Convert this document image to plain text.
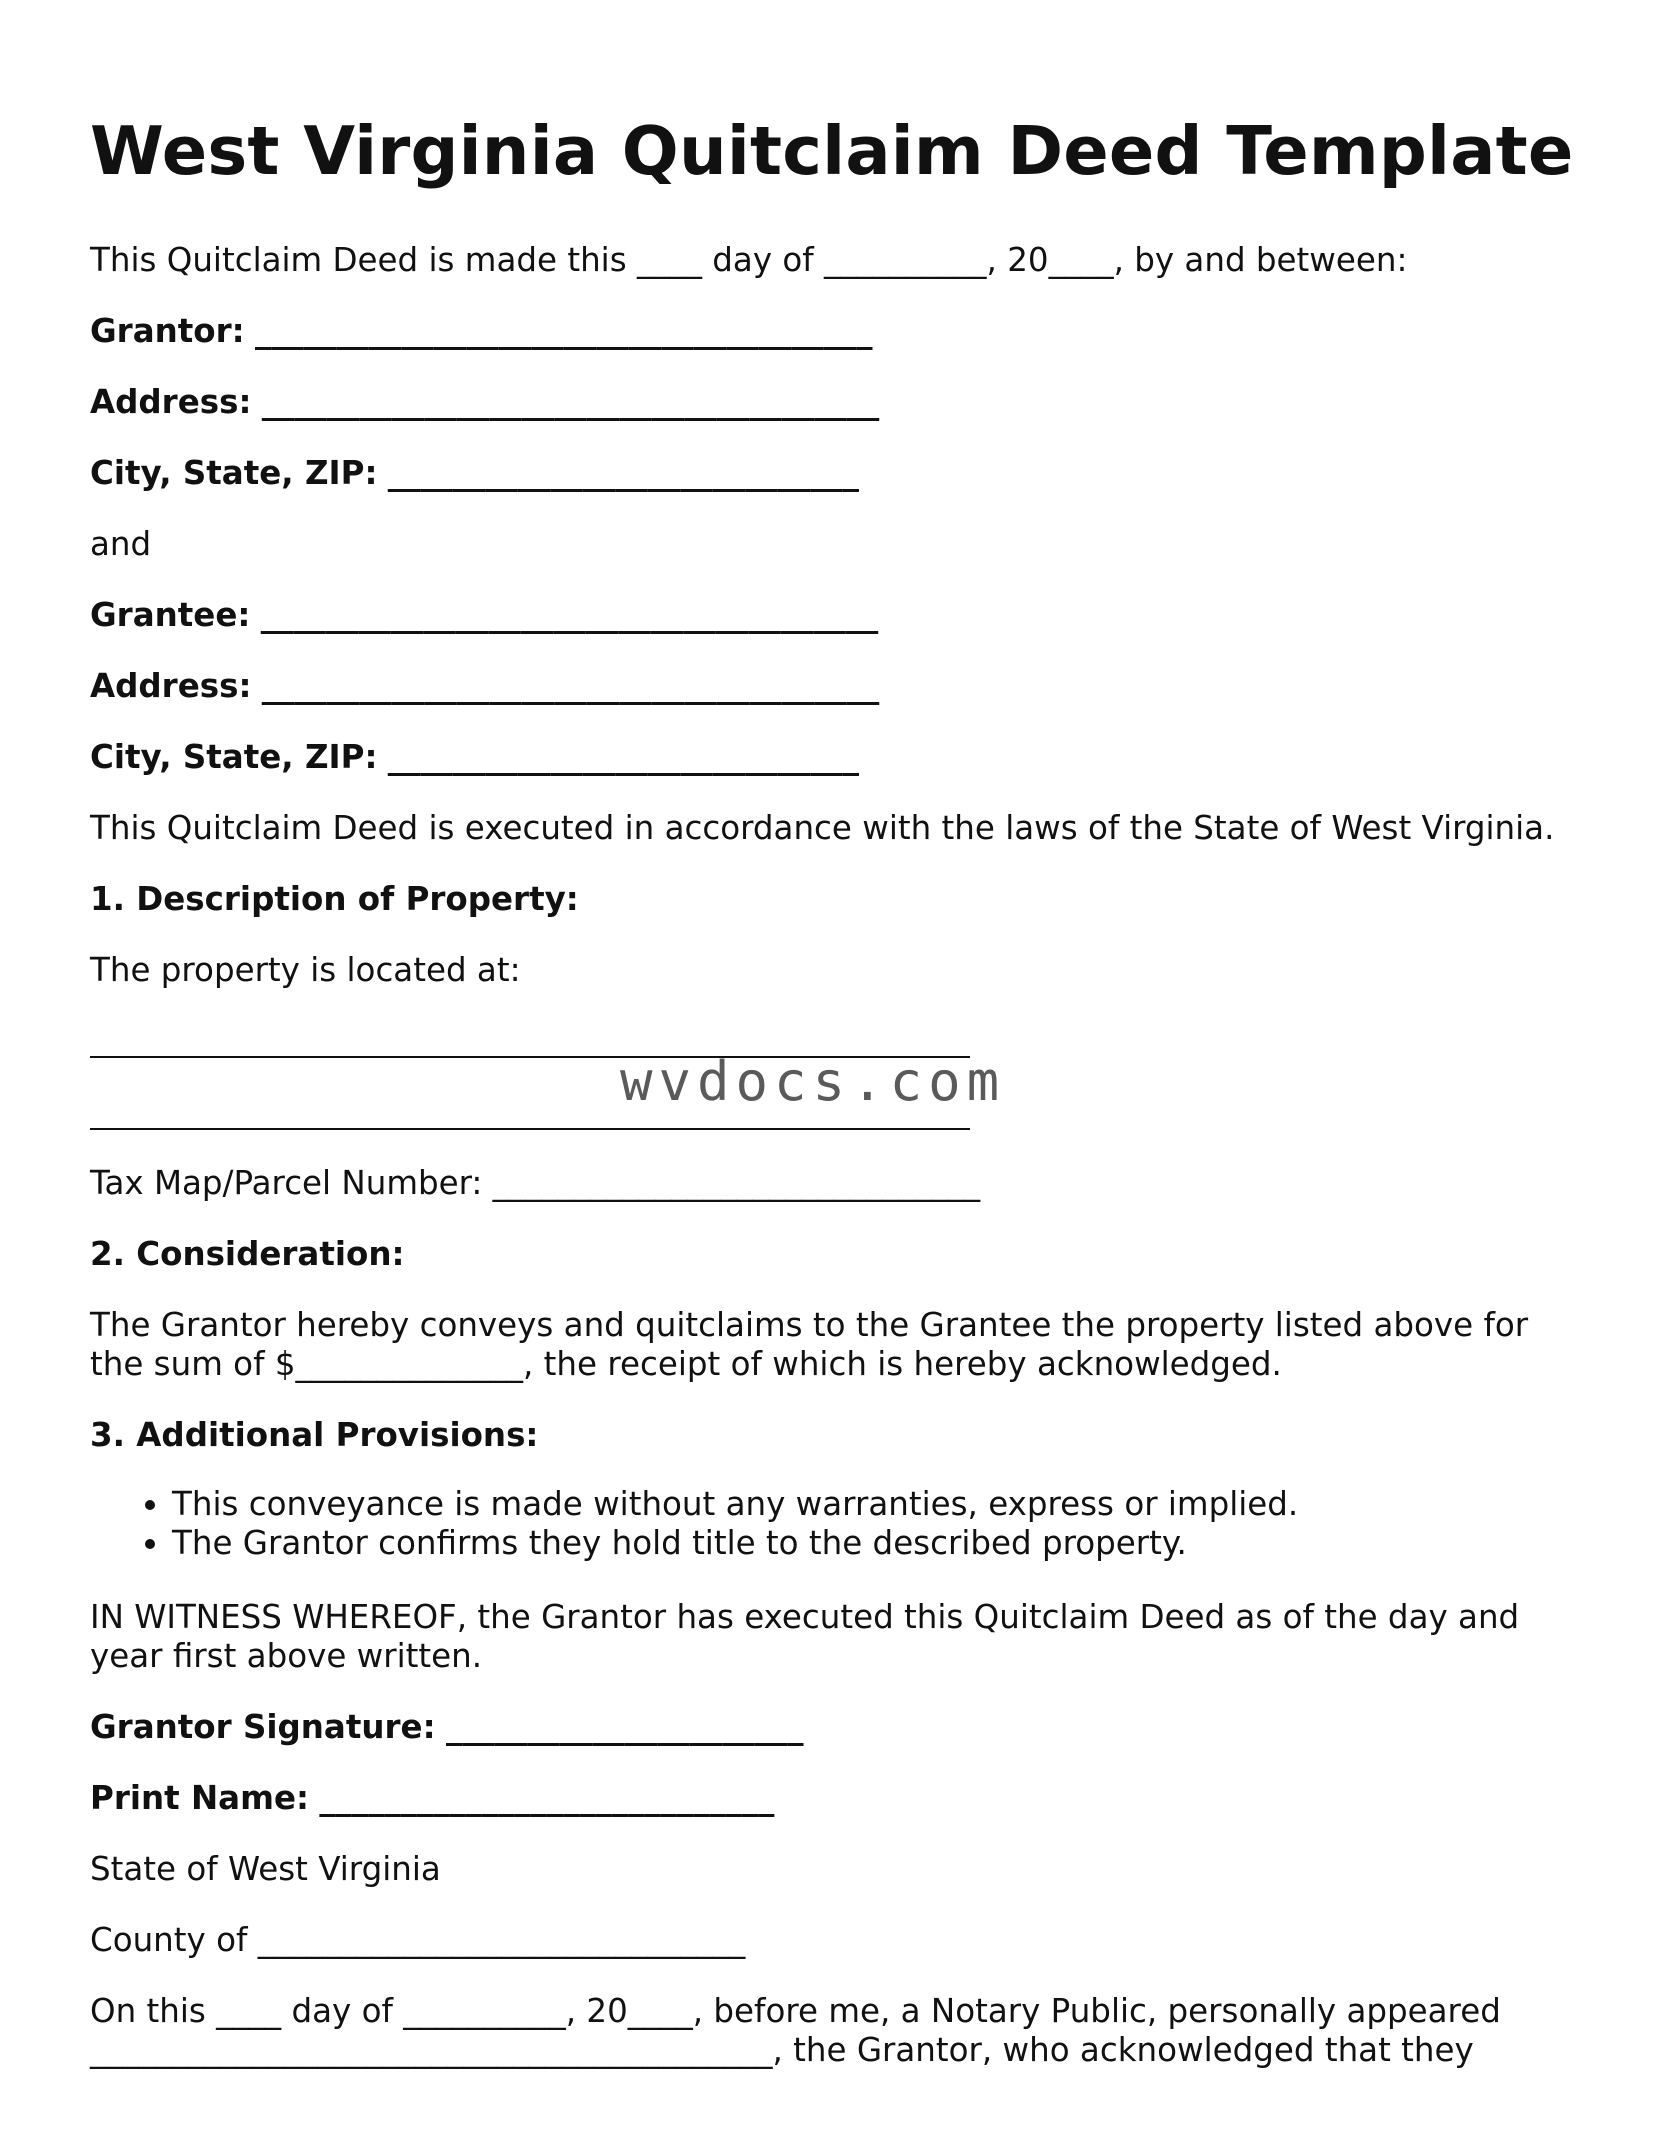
West Virginia Quitclaim Deed Template

This Quitclaim Deed is made this ____ day of __________, 20____, by and between:

Grantor: ______________________________________

Address: ______________________________________

City, State, ZIP: _____________________________

and

Grantee: ______________________________________

Address: ______________________________________

City, State, ZIP: _____________________________

This Quitclaim Deed is executed in accordance with the laws of the State of West Virginia.

1. Description of Property:

The property is located at:

Tax Map/Parcel Number: ______________________________

2. Consideration:

The Grantor hereby conveys and quitclaims to the Grantee the property listed above for

the sum of $______________, the receipt of which is hereby acknowledged.

3. Additional Provisions:

• This conveyance is made without any warranties, express or implied.
• The Grantor confirms they hold title to the described property.

IN WITNESS WHEREOF, the Grantor has executed this Quitclaim Deed as of the day and

year first above written.

Grantor Signature: ______________________

Print Name: ____________________________

State of West Virginia

County of ______________________________

On this ____ day of __________, 20____, before me, a Notary Public, personally appeared

__________________________________________, the Grantor, who acknowledged that they

wvdocs.com
